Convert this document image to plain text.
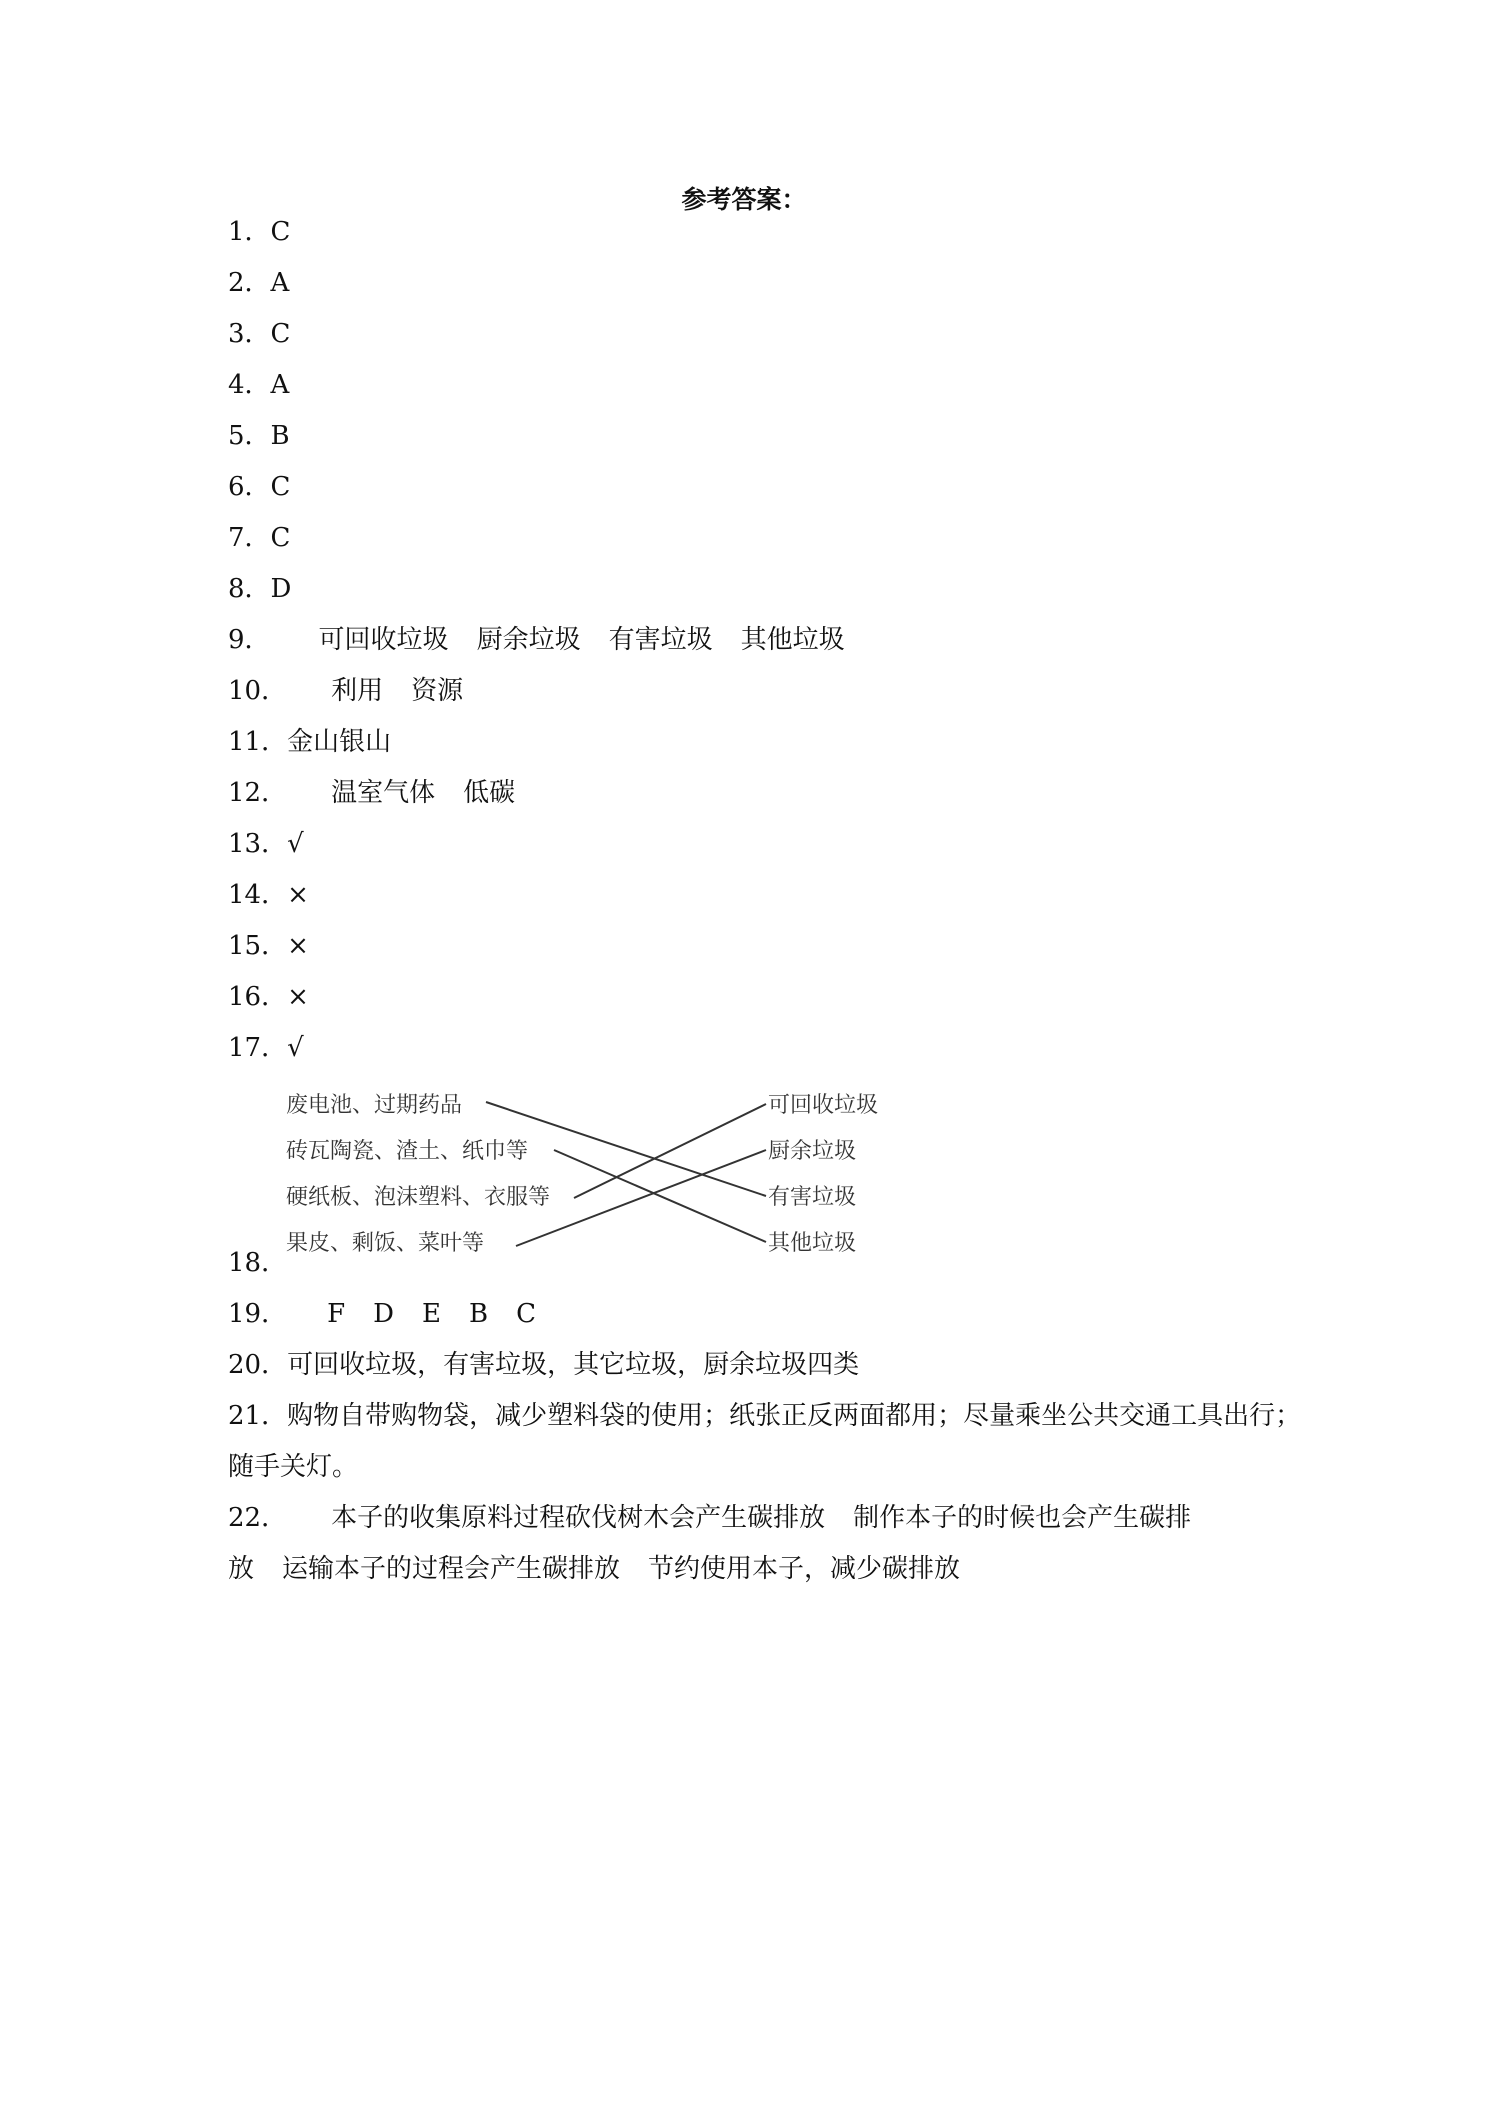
参考答案：
1．C
2．A
3．C
4．A
5．B
6．C
7．C
8．D
9． 可回收垃圾 厨余垃圾 有害垃圾 其他垃圾
10． 利用 资源
11．金山银山
12． 温室气体 低碳
13．√
14．×
15．×
16．×
17．√
18．
废电池、过期药品
砖瓦陶瓷、渣土、纸巾等
硬纸板、泡沫塑料、衣服等
果皮、剩饭、菜叶等
可回收垃圾
厨余垃圾
有害垃圾
其他垃圾
19． F D E B C
20．可回收垃圾，有害垃圾，其它垃圾，厨余垃圾四类
21．购物自带购物袋，减少塑料袋的使用；纸张正反两面都用；尽量乘坐公共交通工具出行；
随手关灯。
22． 本子的收集原料过程砍伐树木会产生碳排放 制作本子的时候也会产生碳排
放 运输本子的过程会产生碳排放 节约使用本子，减少碳排放
